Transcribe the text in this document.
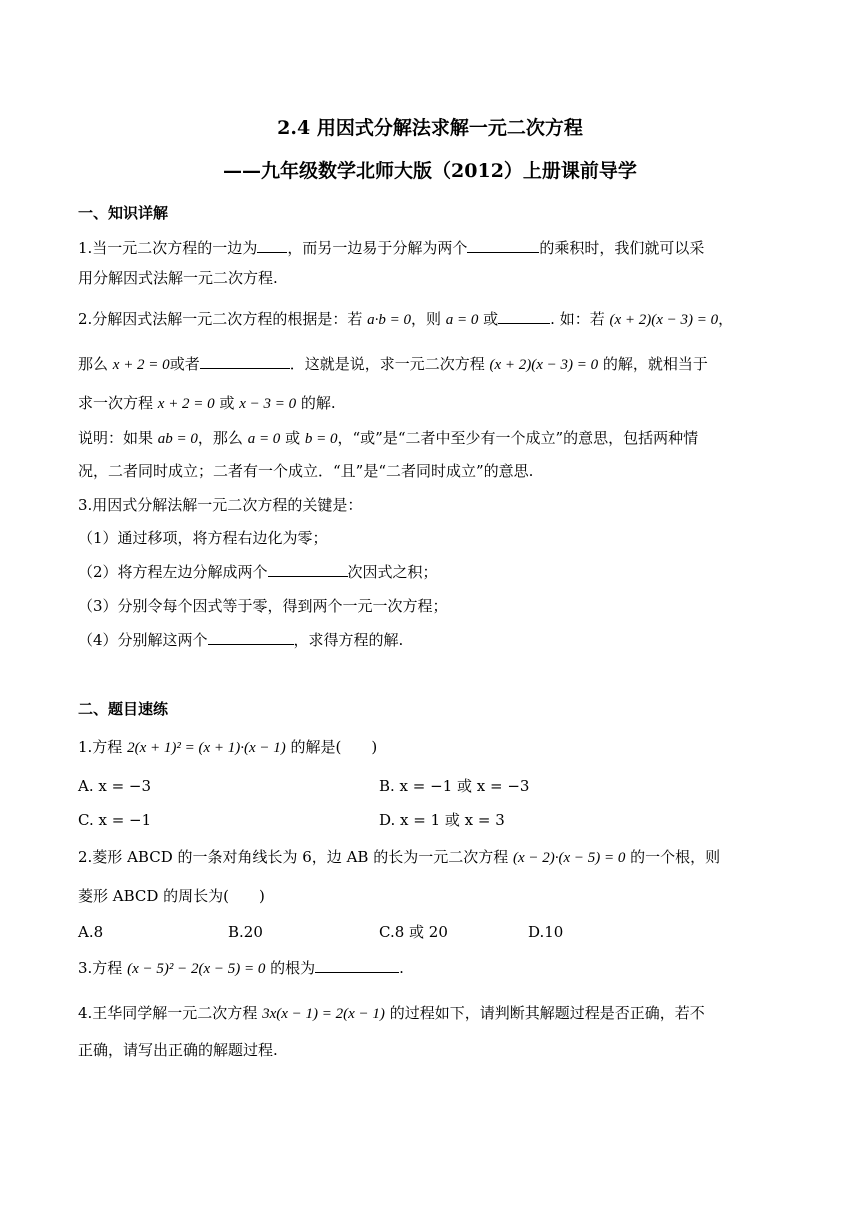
2.4 用因式分解法求解一元二次方程
——九年级数学北师大版（2012）上册课前导学
一、知识详解
1.当一元二次方程的一边为 ，而另一边易于分解为两个	的乘积时，我们就可以采
用分解因式法解一元二次方程.
2.分解因式法解一元二次方程的根据是：若 a·b = 0，则 a = 0 或	. 如：若 (x + 2)(x − 3) = 0，
那么 x + 2 = 0或者	．这就是说，求一元二次方程 (x + 2)(x − 3) = 0 的解，就相当于
求一次方程 x + 2 = 0 或 x − 3 = 0 的解.
说明：如果 ab = 0，那么 a = 0 或 b = 0，“或”是“二者中至少有一个成立”的意思，包括两种情
况，二者同时成立；二者有一个成立．“且”是“二者同时成立”的意思.
3.用因式分解法解一元二次方程的关键是：
（1）通过移项，将方程右边化为零；
（2）将方程左边分解成两个	次因式之积；
（3）分别令每个因式等于零，得到两个一元一次方程；
（4）分别解这两个	，求得方程的解.
二、题目速练
1.方程 2(x + 1)² = (x + 1)·(x − 1) 的解是(　　)
A. x = −3	B. x = −1 或 x = −3
C. x = −1	D. x = 1 或 x = 3
2.菱形 ABCD 的一条对角线长为 6，边 AB 的长为一元二次方程 (x − 2)·(x − 5) = 0 的一个根，则
菱形 ABCD 的周长为(　　)
A.8	B.20	C.8 或 20	D.10
3.方程 (x − 5)² − 2(x − 5) = 0 的根为	.
4.王华同学解一元二次方程 3x(x − 1) = 2(x − 1) 的过程如下，请判断其解题过程是否正确，若不
正确，请写出正确的解题过程.
